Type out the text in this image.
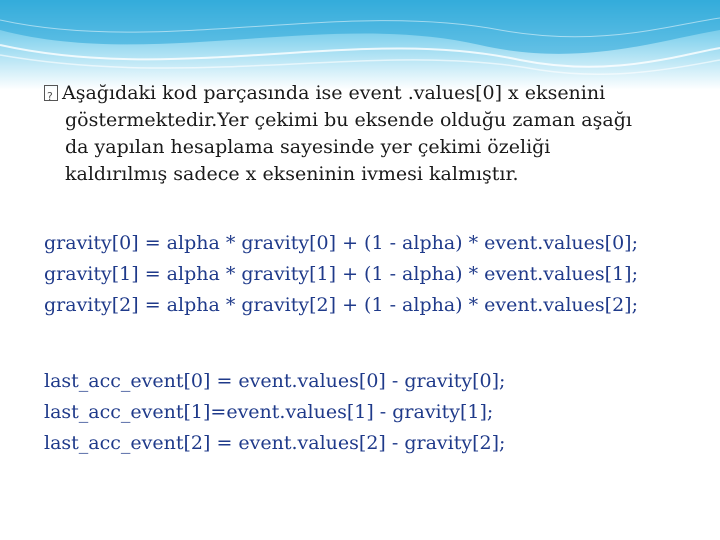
?Aşağıdaki kod parçasında ise event .values[0] x eksenini
göstermektedir.Yer çekimi bu eksende olduğu zaman aşağı
da yapılan hesaplama sayesinde yer çekimi özeliği
kaldırılmış sadece x ekseninin ivmesi kalmıştır.
gravity[0] = alpha * gravity[0] + (1 - alpha) * event.values[0];
gravity[1] = alpha * gravity[1] + (1 - alpha) * event.values[1];
gravity[2] = alpha * gravity[2] + (1 - alpha) * event.values[2];
last_acc_event[0] = event.values[0] - gravity[0];
last_acc_event[1]=event.values[1] - gravity[1];
last_acc_event[2] = event.values[2] - gravity[2];
